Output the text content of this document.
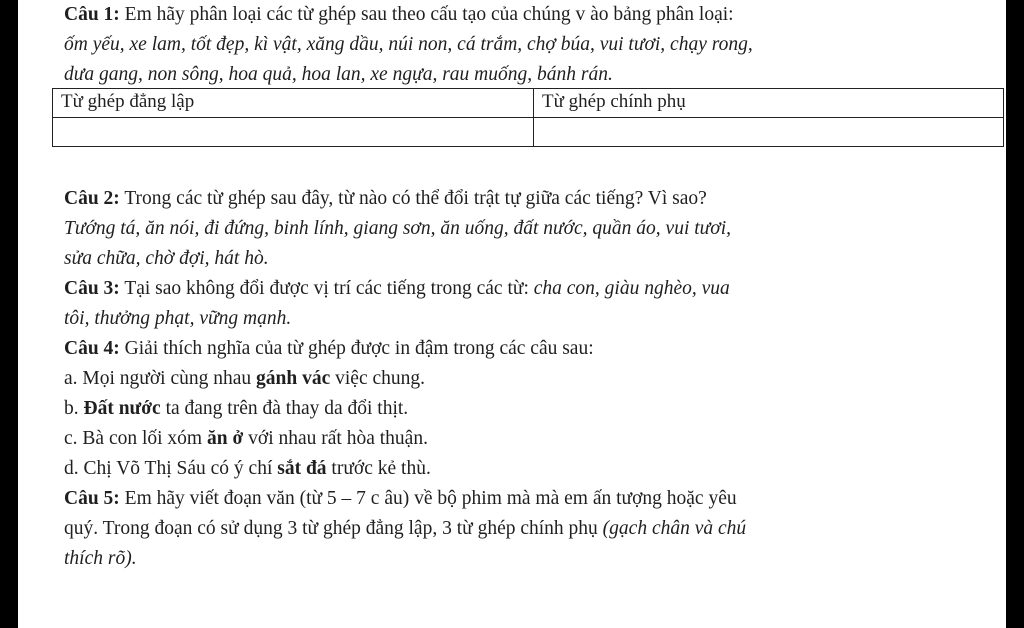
Câu 1: Em hãy phân loại các từ ghép sau theo cấu tạo của chúng v ào bảng phân loại:
ốm yếu, xe lam, tốt đẹp, kì vật, xăng dầu, núi non, cá trắm, chợ búa, vui tươi, chạy rong,
dưa gang, non sông, hoa quả, hoa lan, xe ngựa, rau muống, bánh rán.
Từ ghép đẳng lập	Từ ghép chính phụ

Câu 2: Trong các từ ghép sau đây, từ nào có thể đổi trật tự giữa các tiếng? Vì sao?
Tướng tá, ăn nói, đi đứng, binh lính, giang sơn, ăn uống, đất nước, quần áo, vui tươi,
sửa chữa, chờ đợi, hát hò.
Câu 3: Tại sao không đổi được vị trí các tiếng trong các từ: cha con, giàu nghèo, vua
tôi, thưởng phạt, vững mạnh.
Câu 4: Giải thích nghĩa của từ ghép được in đậm trong các câu sau:
a. Mọi người cùng nhau gánh vác việc chung.
b. Đất nước ta đang trên đà thay da đổi thịt.
c. Bà con lối xóm ăn ở với nhau rất hòa thuận.
d. Chị Võ Thị Sáu có ý chí sắt đá trước kẻ thù.
Câu 5: Em hãy viết đoạn văn (từ 5 – 7 c âu) về bộ phim mà mà em ấn tượng hoặc yêu
quý. Trong đoạn có sử dụng 3 từ ghép đẳng lập, 3 từ ghép chính phụ (gạch chân và chú
thích rõ).
